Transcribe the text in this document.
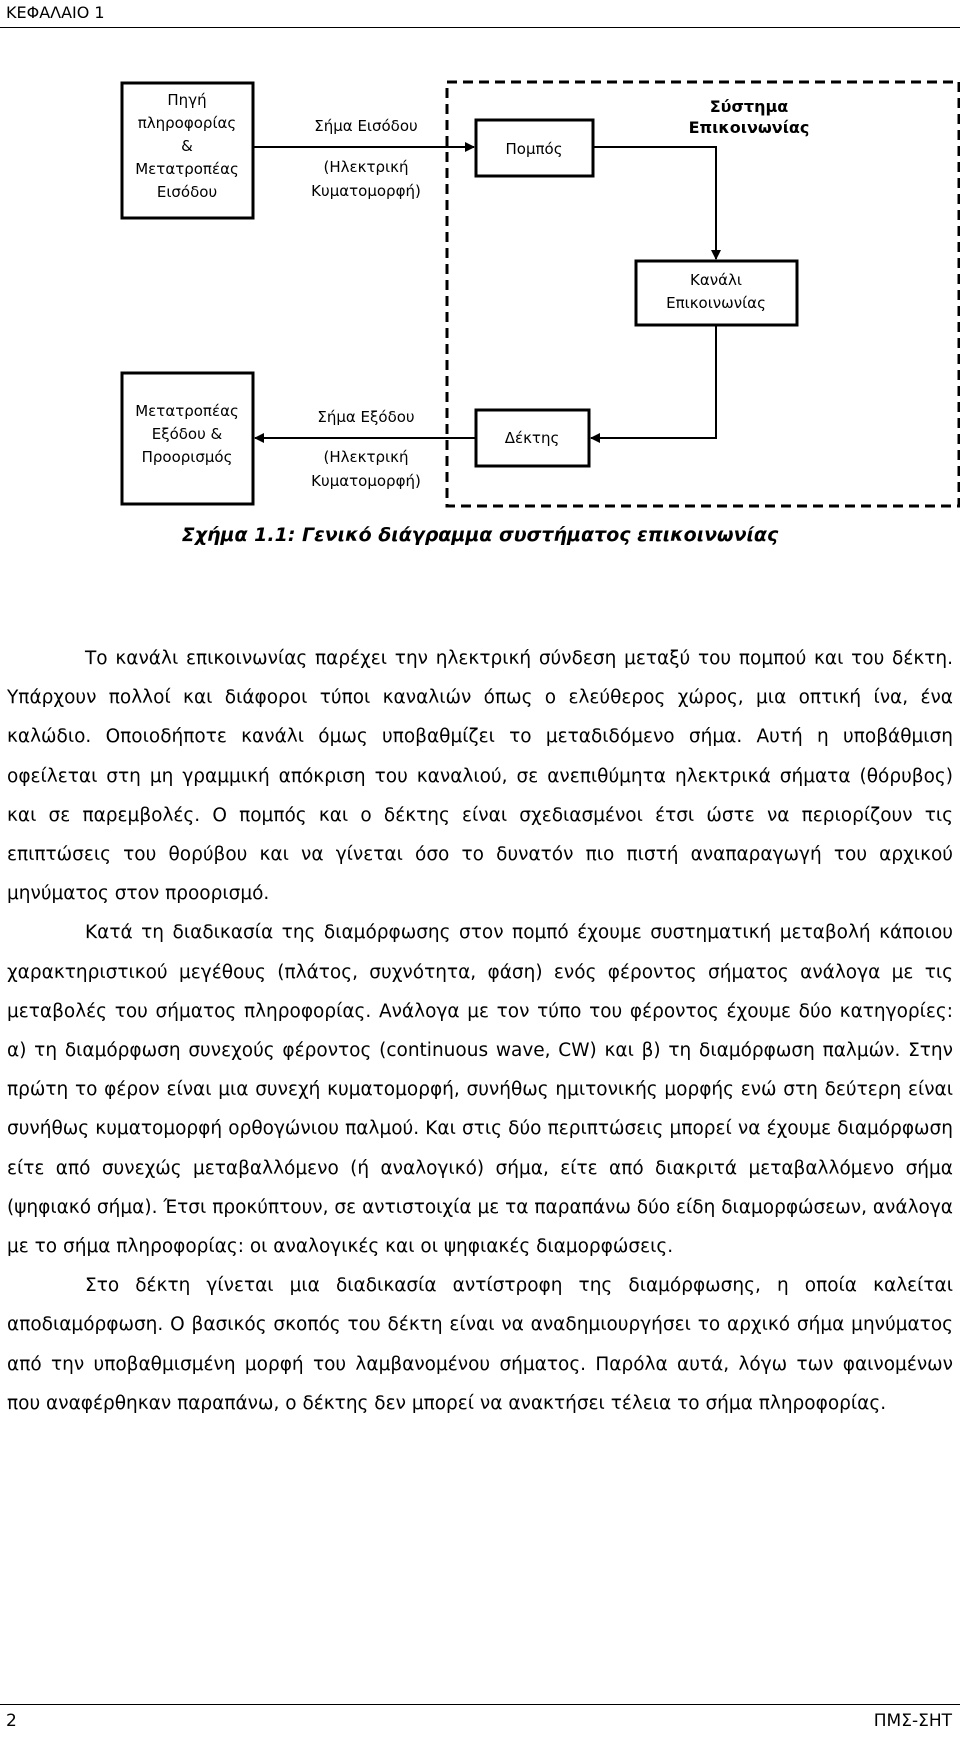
ΚΕΦΑΛΑΙΟ 1
Σύστημα
Επικοινωνίας
Πηγή
πληροφορίας
&
Μετατροπέας
Εισόδου
Σήμα Εισόδου
(Ηλεκτρική
Κυματομορφή)
Πομπός
Κανάλι
Επικοινωνίας
Δέκτης
Σήμα Εξόδου
(Ηλεκτρική
Κυματομορφή)
Μετατροπέας
Εξόδου &
Προορισμός
Σχήμα 1.1: Γενικό διάγραμμα συστήματος επικοινωνίας

Το κανάλι επικοινωνίας παρέχει την ηλεκτρική σύνδεση μεταξύ του πομπού και του δέκτη. Υπάρχουν πολλοί και διάφοροι τύποι καναλιών όπως ο ελεύθερος χώρος, μια οπτική ίνα, ένα καλώδιο. Οποιοδήποτε κανάλι όμως υποβαθμίζει το μεταδιδόμενο σήμα. Αυτή η υποβάθμιση οφείλεται στη μη γραμμική απόκριση του καναλιού, σε ανεπιθύμητα ηλεκτρικά σήματα (θόρυβος) και σε παρεμβολές. Ο πομπός και ο δέκτης είναι σχεδιασμένοι έτσι ώστε να περιορίζουν τις επιπτώσεις του θορύβου και να γίνεται όσο το δυνατόν πιο πιστή αναπαραγωγή του αρχικού μηνύματος στον προορισμό.

Κατά τη διαδικασία της διαμόρφωσης στον πομπό έχουμε συστηματική μεταβολή κάποιου χαρακτηριστικού μεγέθους (πλάτος, συχνότητα, φάση) ενός φέροντος σήματος ανάλογα με τις μεταβολές του σήματος πληροφορίας. Ανάλογα με τον τύπο του φέροντος έχουμε δύο κατηγορίες: α) τη διαμόρφωση συνεχούς φέροντος (continuous wave, CW) και β) τη διαμόρφωση παλμών. Στην πρώτη το φέρον είναι μια συνεχή κυματομορφή, συνήθως ημιτονικής μορφής ενώ στη δεύτερη είναι συνήθως κυματομορφή ορθογώνιου παλμού. Και στις δύο περιπτώσεις μπορεί να έχουμε διαμόρφωση είτε από συνεχώς μεταβαλλόμενο (ή αναλογικό) σήμα, είτε από διακριτά μεταβαλλόμενο σήμα (ψηφιακό σήμα). Έτσι προκύπτουν, σε αντιστοιχία με τα παραπάνω δύο είδη διαμορφώσεων, ανάλογα με το σήμα πληροφορίας: οι αναλογικές και οι ψηφιακές διαμορφώσεις.

Στο δέκτη γίνεται μια διαδικασία αντίστροφη της διαμόρφωσης, η οποία καλείται αποδιαμόρφωση. Ο βασικός σκοπός του δέκτη είναι να αναδημιουργήσει το αρχικό σήμα μηνύματος από την υποβαθμισμένη μορφή του λαμβανομένου σήματος. Παρόλα αυτά, λόγω των φαινομένων που αναφέρθηκαν παραπάνω, ο δέκτης δεν μπορεί να ανακτήσει τέλεια το σήμα πληροφορίας.

2	ΠΜΣ-ΣΗΤ
